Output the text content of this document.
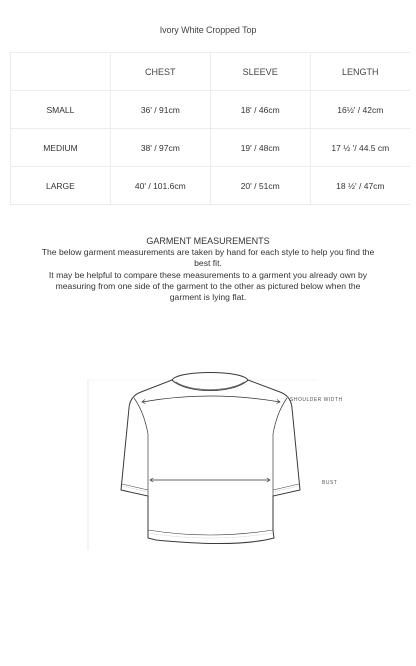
Ivory White Cropped Top
	CHEST	SLEEVE	LENGTH
SMALL	36' / 91cm	18' / 46cm	16½' / 42cm
MEDIUM	38' / 97cm	19' / 48cm	17 ½ '/ 44.5 cm
LARGE	40' / 101.6cm	20' / 51cm	18 ½' / 47cm
GARMENT MEASUREMENTS
The below garment measurements are taken by hand for each style to help you find the best fit.
It may be helpful to compare these measurements to a garment you already own by measuring from one side of the garment to the other as pictured below when the garment is lying flat.
SHOULDER WIDTH
BUST
